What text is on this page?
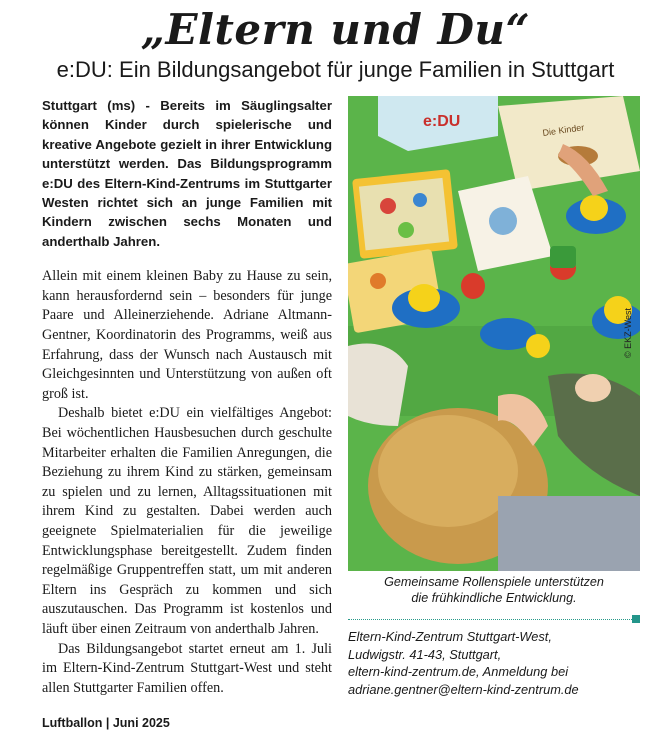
„Eltern und Du“
e:DU: Ein Bildungsangebot für junge Familien in Stuttgart

Stuttgart (ms) - Bereits im Säuglingsalter können Kinder durch spielerische und kreative Angebote gezielt in ihrer Entwicklung unterstützt werden. Das Bildungsprogramm e:DU des Eltern-Kind-Zentrums im Stuttgarter Westen richtet sich an junge Familien mit Kindern zwischen sechs Monaten und anderthalb Jahren.

Allein mit einem kleinen Baby zu Hause zu sein, kann herausfordernd sein – besonders für junge Paare und Alleinerziehende. Adriane Altmann-Gentner, Koordinatorin des Programms, weiß aus Erfahrung, dass der Wunsch nach Austausch mit Gleichgesinnten und Unterstützung von außen oft groß ist.

Deshalb bietet e:DU ein vielfältiges Angebot: Bei wöchentlichen Hausbesuchen durch geschulte Mitarbeiter erhalten die Familien Anregungen, die Beziehung zu ihrem Kind zu stärken, gemeinsam zu spielen und zu lernen, Alltagssituationen mit ihrem Kind zu gestalten. Dabei werden auch geeignete Spielmaterialien für die jeweilige Entwicklungsphase bereitgestellt. Zudem finden regelmäßige Gruppentreffen statt, um mit anderen Eltern ins Gespräch zu kommen und sich auszutauschen. Das Programm ist kostenlos und läuft über einen Zeitraum von anderthalb Jahren.

Das Bildungsangebot startet erneut am 1. Juli im Eltern-Kind-Zentrum Stuttgart-West und steht allen Stuttgarter Familien offen.

e:DU
Die Kinder
© EKZ-West
Gemeinsame Rollenspiele unterstützen
die frühkindliche Entwicklung.
Eltern-Kind-Zentrum Stuttgart-West,
Ludwigstr. 41-43, Stuttgart,
eltern-kind-zentrum.de, Anmeldung bei
adriane.gentner@eltern-kind-zentrum.de
Luftballon | Juni 2025
